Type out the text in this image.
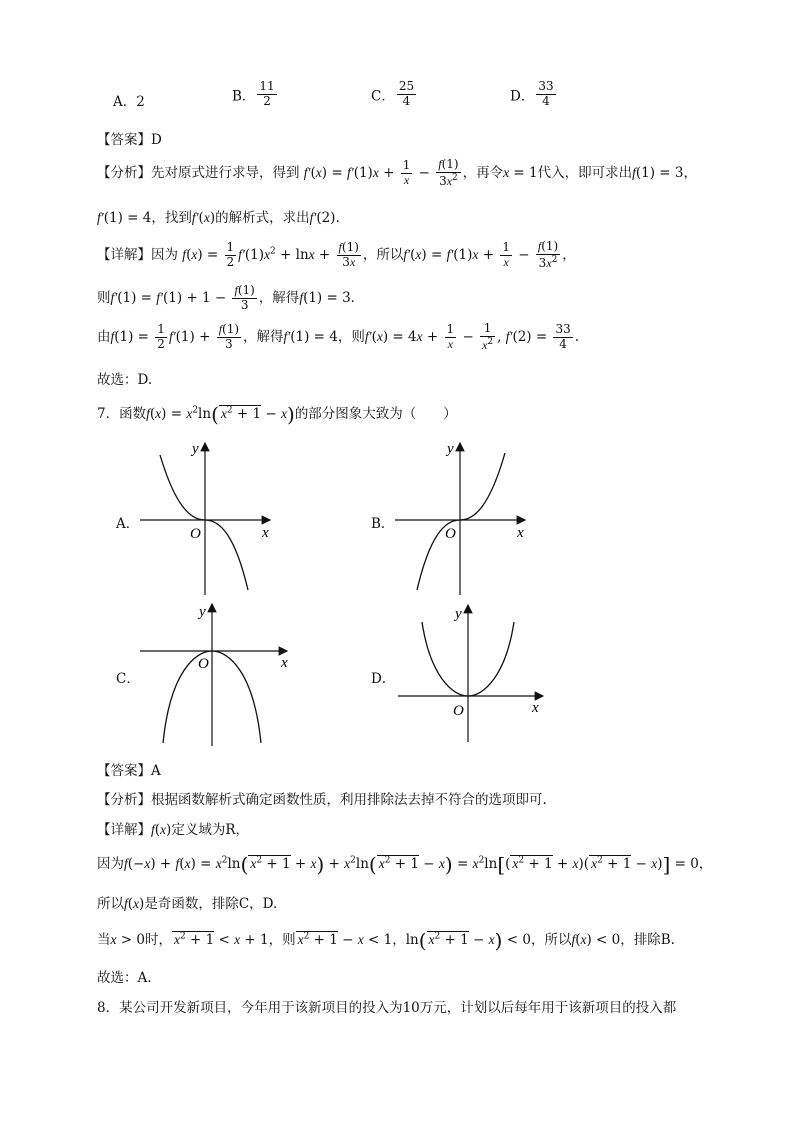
A．2	B． $\frac{11}{2}$	C． $\frac{25}{4}$	D． $\frac{33}{4}$
【答案】D
【分析】先对原式进行求导，得到 $f'(x) = f'(1)x + \frac{1}{x} - \frac{f(1)}{3x^2}$ ，再令x = 1代入，即可求出f(1) = 3，
f′(1) = 4，找到f′(x)的解析式，求出f′(2).
【详解】因为 $f(x) = \frac{1}{2} f'(1)x^2 + \ln x + \frac{f(1)}{3x}$ ，所以$f'(x) = f'(1)x + \frac{1}{x} - \frac{f(1)}{3x^2}$ ，
则$f'(1) = f'(1) + 1 - \frac{f(1)}{3}$ ，解得f(1) = 3．
由$f(1) = \frac{1}{2} f'(1) + \frac{f(1)}{3}$ ，解得f′(1) = 4，则$f'(x) = 4x + \frac{1}{x} - \frac{1}{x^2}$ , $f'(2) = \frac{33}{4}$ .
故选：D.
7．函数$f(x) = x^2\ln$( $x^2 + 1 - x$)的部分图象大致为（　　）
A．	B．
C．	D．
O	x
y
O	x
y
O	x
y
O	x
y
【答案】A
【分析】根据函数解析式确定函数性质，利用排除法去掉不符合的选项即可.
【详解】f(x)定义域为R，
因为$f(-x) + f(x) = x^2\ln$( $x^2 + 1 + x) + x^2\ln$( $x^2 + 1 - x) = x^2\ln$[( $x^2 + 1 + x$)( $x^2 + 1 - x)] = 0$，
所以f(x)是奇函数，排除C，D.
当x > 0时， $x^2 + 1 < x + 1$，则 $x^2 + 1 - x < 1$，ln( $x^2 + 1 - x) < 0$，所以f(x) < 0，排除B.
故选：A.
8．某公司开发新项目，今年用于该新项目的投入为10万元，计划以后每年用于该新项目的投入都
